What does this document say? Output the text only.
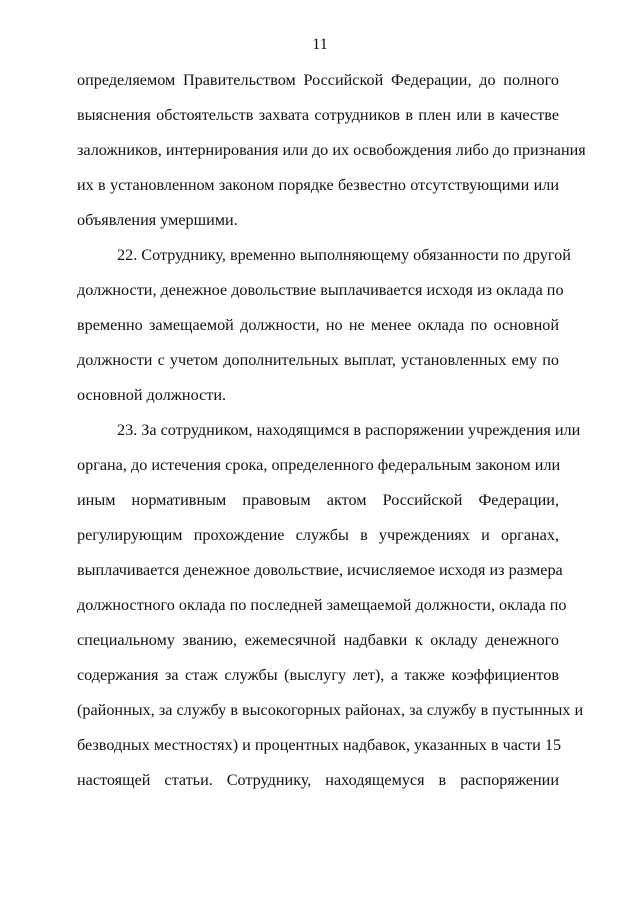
11
определяемом Правительством Российской Федерации, до полного
выяснения обстоятельств захвата сотрудников в плен или в качестве
заложников, интернирования или до их освобождения либо до признания
их в установленном законом порядке безвестно отсутствующими или
объявления умершими.
22. Сотруднику, временно выполняющему обязанности по другой
должности, денежное довольствие выплачивается исходя из оклада по
временно замещаемой должности, но не менее оклада по основной
должности с учетом дополнительных выплат, установленных ему по
основной должности.
23. За сотрудником, находящимся в распоряжении учреждения или
органа, до истечения срока, определенного федеральным законом или
иным нормативным правовым актом Российской Федерации,
регулирующим прохождение службы в учреждениях и органах,
выплачивается денежное довольствие, исчисляемое исходя из размера
должностного оклада по последней замещаемой должности, оклада по
специальному званию, ежемесячной надбавки к окладу денежного
содержания за стаж службы (выслугу лет), а также коэффициентов
(районных, за службу в высокогорных районах, за службу в пустынных и
безводных местностях) и процентных надбавок, указанных в части 15
настоящей статьи. Сотруднику, находящемуся в распоряжении
